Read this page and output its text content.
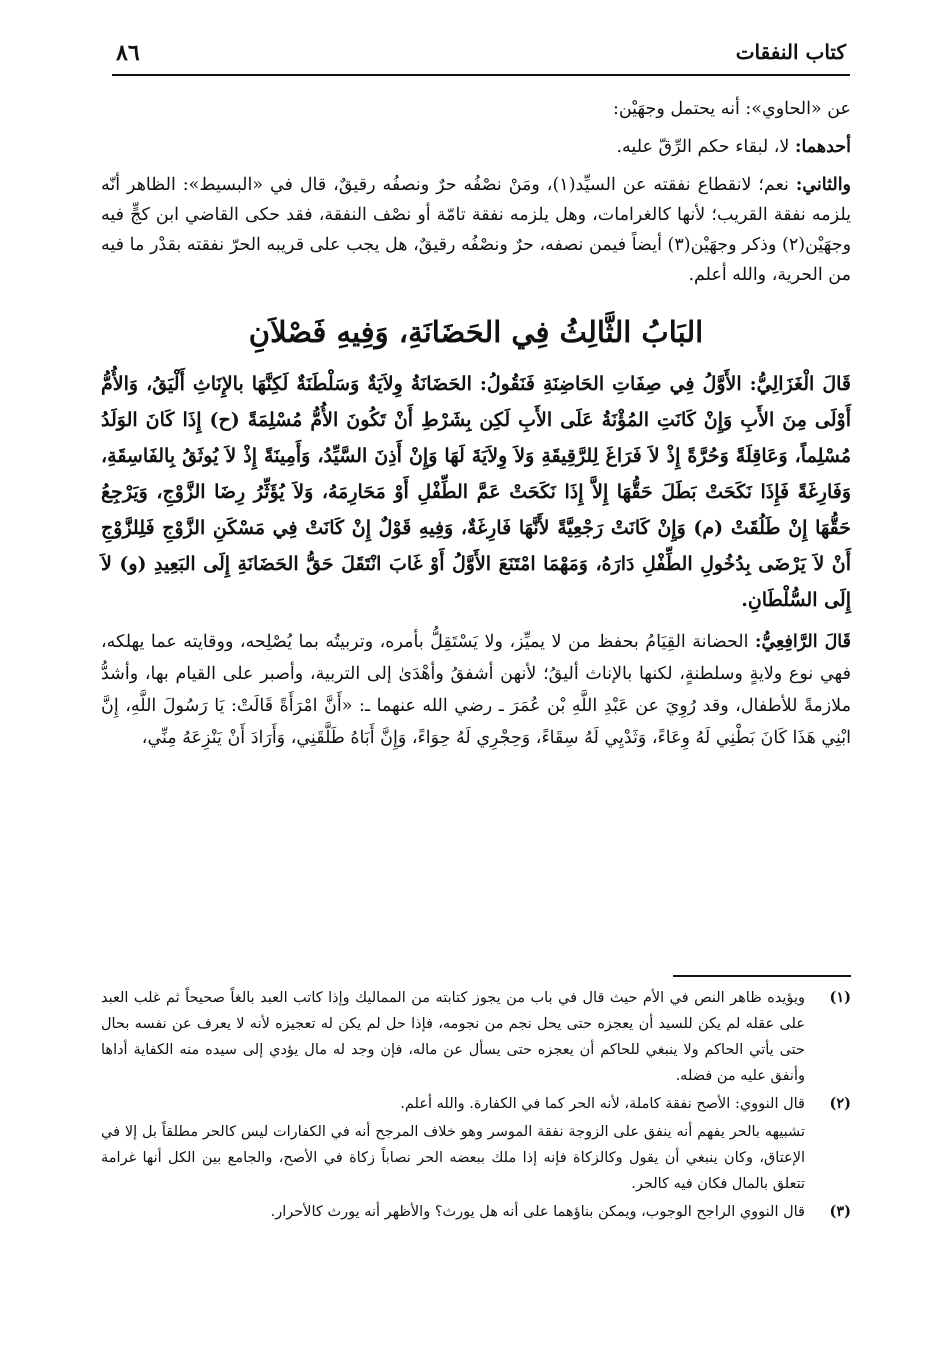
كتاب النفقات
٨٦

عن «الحاوي»: أنه يحتمل وجهَيْن:

أحدهما: لا، لبقاء حكم الرِّقّ عليه.

والثاني: نعم؛ لانقطاع نفقته عن السيِّد(١)، ومَنْ نصْفُه حرٌ ونصفُه رقيقٌ، قال في «البسيط»: الظاهر أنّه يلزمه نفقة القريب؛ لأنها كالغرامات، وهل يلزمه نفقة تامّة أو نصْف النفقة، فقد حكى القاضي ابن كجٍّ فيه وجهَيْن(٢) وذكر وجهَيْن(٣) أيضاً فيمن نصفه، حرٌ ونصْفُه رقيقٌ، هل يجب على قريبه الحرّ نفقته بقدْر ما فيه من الحرية، والله أعلم.

البَابُ الثَّالِثُ فِي الحَضَانَةِ، وَفِيهِ فَصْلاَنِ

قَالَ الْغَزَالِيُّ: الأَوَّلُ فِي صِفَاتِ الحَاضِنَةِ فَنَقُولُ: الحَضَانَةُ وِلاَيَةٌ وَسَلْطَنَةٌ لَكِنَّهَا بالإِنَاثِ أَلْيَقُ، وَالأُمُّ أَوْلَى مِنَ الأَبِ وَإِنْ كَانَتِ المُؤْنَةُ عَلَى الأَبِ لَكِن بِشَرْطِ أَنْ تَكُونَ الأُمُّ مُسْلِمَةً (ح) إِذَا كَانَ الوَلَدُ مُسْلِماً، وَعَاقِلَةً وَحُرَّةً إِذْ لاَ فَرَاغَ لِلرَّقِيقَةِ وَلاَ وِلاَيَةَ لَهَا وَإِنْ أَذِنَ السَّيِّدُ، وَأَمِينَةً إِذْ لاَ يُوثَقُ بِالفَاسِقَةِ، وَفَارِغَةً فَإِذَا نَكَحَتْ بَطَلَ حَقُّهَا إِلاَّ إِذَا نَكَحَتْ عَمَّ الطِّفْلِ أَوْ مَحَارِمَهُ، وَلاَ يُؤَثِّرُ رِضَا الزَّوْجِ، وَيَرْجِعُ حَقُّهَا إِنْ طَلُقَتْ (م) وَإِنْ كَانَتْ رَجْعِيَّةً لأَنَّهَا فَارِغَةٌ، وَفِيهِ قَوْلٌ إِنْ كَانَتْ فِي مَسْكَنِ الزَّوْجِ فَلِلزَّوْجِ أَنْ لاَ يَرْضَى بِدُخُولِ الطِّفْلِ دَارَهُ، وَمَهْمَا امْتَنَعَ الأَوَّلُ أَوْ غَابَ انْتَقَلَ حَقُّ الحَضَانَةِ إِلَى البَعِيدِ (و) لاَ إِلَى السُّلْطَانِ.

قَالَ الرَّافِعِيُّ: الحضانة القِيَامُ بحفظ من لا يميِّز، ولا يَسْتَقِلُّ بأمره، وتربيتُه بما يُصْلِحه، ووقايته عما يهلكه، فهي نوع ولايةٍ وسلطنةٍ، لكنها بالإناث أليقُ؛ لأنهن أشفقُ وأهْدَىٰ إلى التربية، وأصبر على القيام بها، وأشدُّ ملازمةً للأطفال، وقد رُوِيَ عن عَبْدِ اللَّهِ بْن عُمَرَ ـ رضي الله عنهما ـ: «أَنَّ امْرَأَةً قَالَتْ: يَا رَسُولَ اللَّهِ، إِنَّ ابْنِي هَذَا كَانَ بَطْنِي لَهُ وِعَاءً، وَثَدْيِي لَهُ سِقَاءً، وَحِجْرِي لَهُ حِوَاءً، وَإِنَّ أَبَاهُ طَلَّقَنِي، وَأَرَادَ أَنْ يَنْزِعَهُ مِنِّي،

(١)
ويؤيده ظاهر النص في الأم حيث قال في باب من يجوز كتابته من المماليك وإذا كاتب العبد بالغاً صحيحاً ثم غلب العبد على عقله لم يكن للسيد أن يعجزه حتى يحل نجم من نجومه، فإذا حل لم يكن له تعجيزه لأنه لا يعرف عن نفسه بحال حتى يأتي الحاكم ولا ينبغي للحاكم أن يعجزه حتى يسأل عن ماله، فإن وجد له مال يؤدي إلى سيده منه الكفاية أداها وأنفق عليه من فضله.
(٢)
قال النووي: الأصح نفقة كاملة، لأنه الحر كما في الكفارة. والله أعلم.
تشبيهه بالحر يفهم أنه ينفق على الزوجة نفقة الموسر وهو خلاف المرجح أنه في الكفارات ليس كالحر مطلقاً بل إلا في الإعتاق، وكان ينبغي أن يقول وكالزكاة فإنه إذا ملك ببعضه الحر نصاباً زكاة في الأصح، والجامع بين الكل أنها غرامة تتعلق بالمال فكان فيه كالحر.
(٣)
قال النووي الراجح الوجوب، ويمكن بناؤهما على أنه هل يورث؟ والأظهر أنه يورث كالأحرار.
